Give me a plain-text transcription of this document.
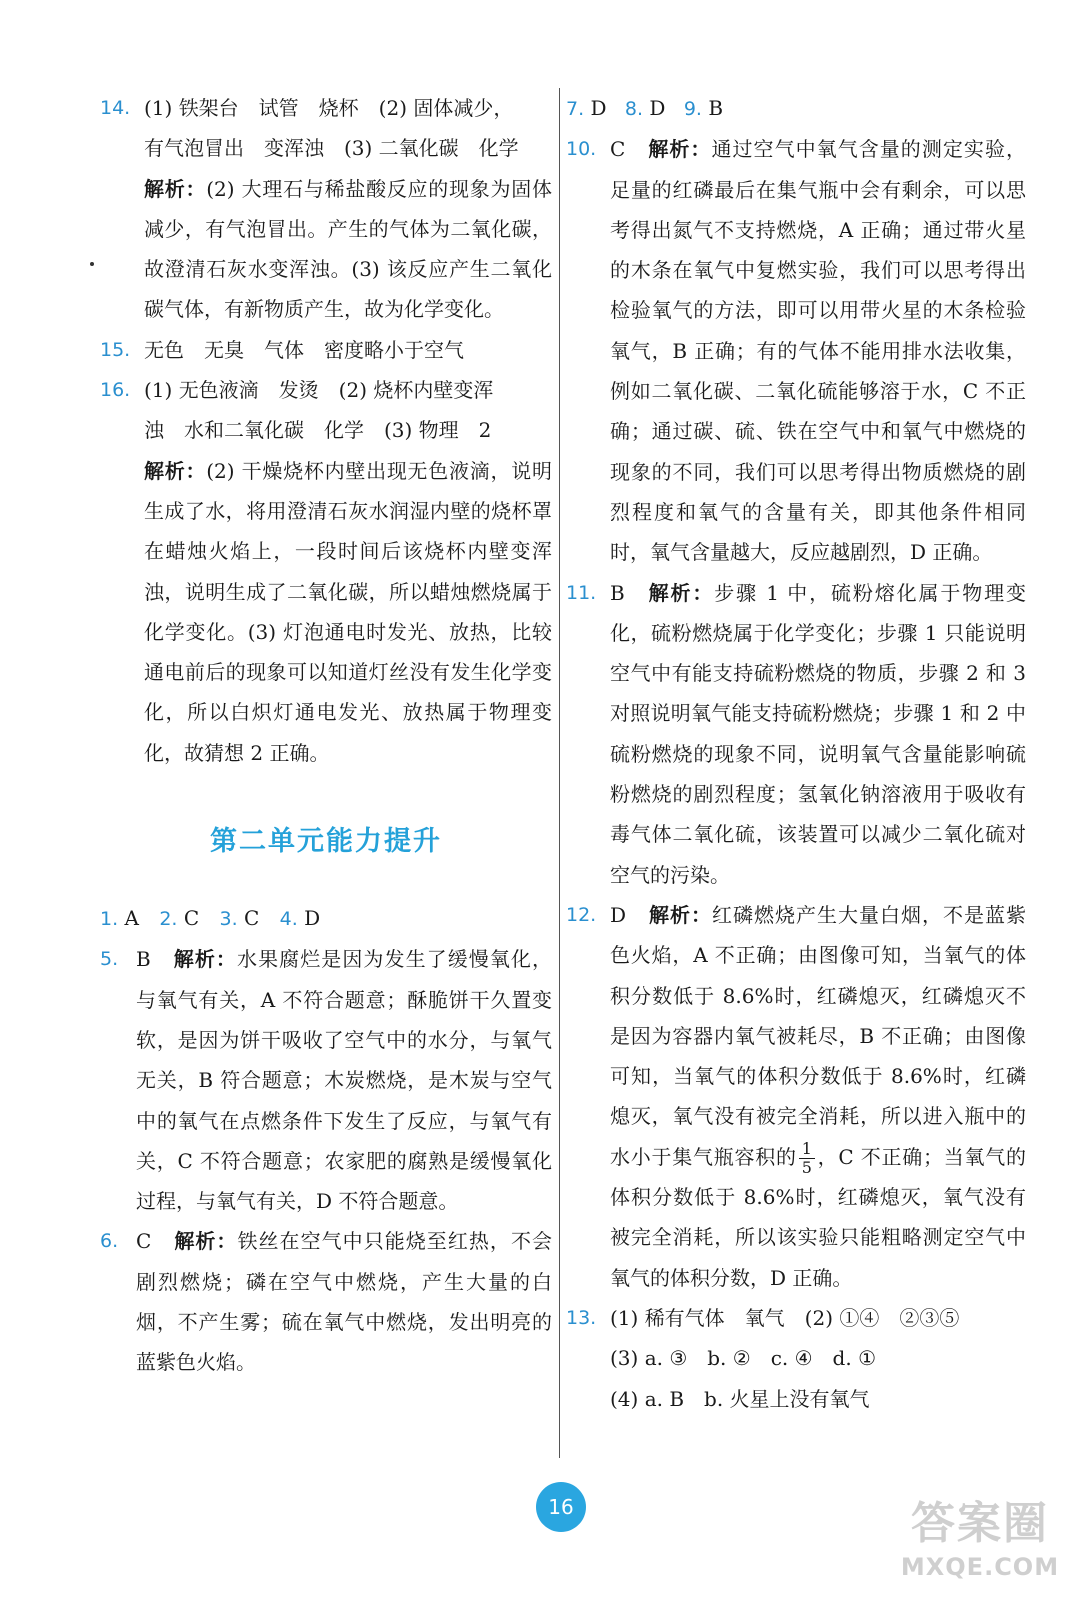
14. (1) 铁架台　试管　烧杯　(2) 固体减少，
有气泡冒出　变浑浊　(3) 二氧化碳　化学
解析：(2) 大理石与稀盐酸反应的现象为固体减少，有气泡冒出。产生的气体为二氧化碳，故澄清石灰水变浑浊。(3) 该反应产生二氧化碳气体，有新物质产生，故为化学变化。
15. 无色　无臭　气体　密度略小于空气
16. (1) 无色液滴　发烫　(2) 烧杯内壁变浑
浊　水和二氧化碳　化学　(3) 物理　2
解析：(2) 干燥烧杯内壁出现无色液滴，说明生成了水，将用澄清石灰水润湿内壁的烧杯罩在蜡烛火焰上，一段时间后该烧杯内壁变浑浊，说明生成了二氧化碳，所以蜡烛燃烧属于化学变化。(3) 灯泡通电时发光、放热，比较通电前后的现象可以知道灯丝没有发生化学变化，所以白炽灯通电发光、放热属于物理变化，故猜想 2 正确。
第二单元能力提升
1. A 2. C 3. C 4. D
5. B 解析：水果腐烂是因为发生了缓慢氧化，与氧气有关，A 不符合题意；酥脆饼干久置变软，是因为饼干吸收了空气中的水分，与氧气无关，B 符合题意；木炭燃烧，是木炭与空气中的氧气在点燃条件下发生了反应，与氧气有关，C 不符合题意；农家肥的腐熟是缓慢氧化过程，与氧气有关，D 不符合题意。
6. C 解析：铁丝在空气中只能烧至红热，不会剧烈燃烧；磷在空气中燃烧，产生大量的白烟，不产生雾；硫在氧气中燃烧，发出明亮的蓝紫色火焰。
7. D 8. D 9. B
10. C 解析：通过空气中氧气含量的测定实验，足量的红磷最后在集气瓶中会有剩余，可以思考得出氮气不支持燃烧，A 正确；通过带火星的木条在氧气中复燃实验，我们可以思考得出检验氧气的方法，即可以用带火星的木条检验氧气，B 正确；有的气体不能用排水法收集，例如二氧化碳、二氧化硫能够溶于水，C 不正确；通过碳、硫、铁在空气中和氧气中燃烧的现象的不同，我们可以思考得出物质燃烧的剧烈程度和氧气的含量有关，即其他条件相同时，氧气含量越大，反应越剧烈，D 正确。
11. B 解析：步骤 1 中，硫粉熔化属于物理变化，硫粉燃烧属于化学变化；步骤 1 只能说明空气中有能支持硫粉燃烧的物质，步骤 2 和 3 对照说明氧气能支持硫粉燃烧；步骤 1 和 2 中硫粉燃烧的现象不同，说明氧气含量能影响硫粉燃烧的剧烈程度；氢氧化钠溶液用于吸收有毒气体二氧化硫，该装置可以减少二氧化硫对空气的污染。
12. D 解析：红磷燃烧产生大量白烟，不是蓝紫色火焰，A 不正确；由图像可知，当氧气的体积分数低于 8.6%时，红磷熄灭，红磷熄灭不是因为容器内氧气被耗尽，B 不正确；由图像可知，当氧气的体积分数低于 8.6%时，红磷熄灭，氧气没有被完全消耗，所以进入瓶中的水小于集气瓶容积的 $\frac{1}{5}$ ，C 不正确；当氧气的体积分数低于 8.6%时，红磷熄灭，氧气没有被完全消耗，所以该实验只能粗略测定空气中氧气的体积分数，D 正确。
13. (1) 稀有气体　氧气　(2) ①④　②③⑤
(3) a. ③　b. ②　c. ④　d. ①
(4) a. B　b. 火星上没有氧气
16	答案圈
MXQE.COM
